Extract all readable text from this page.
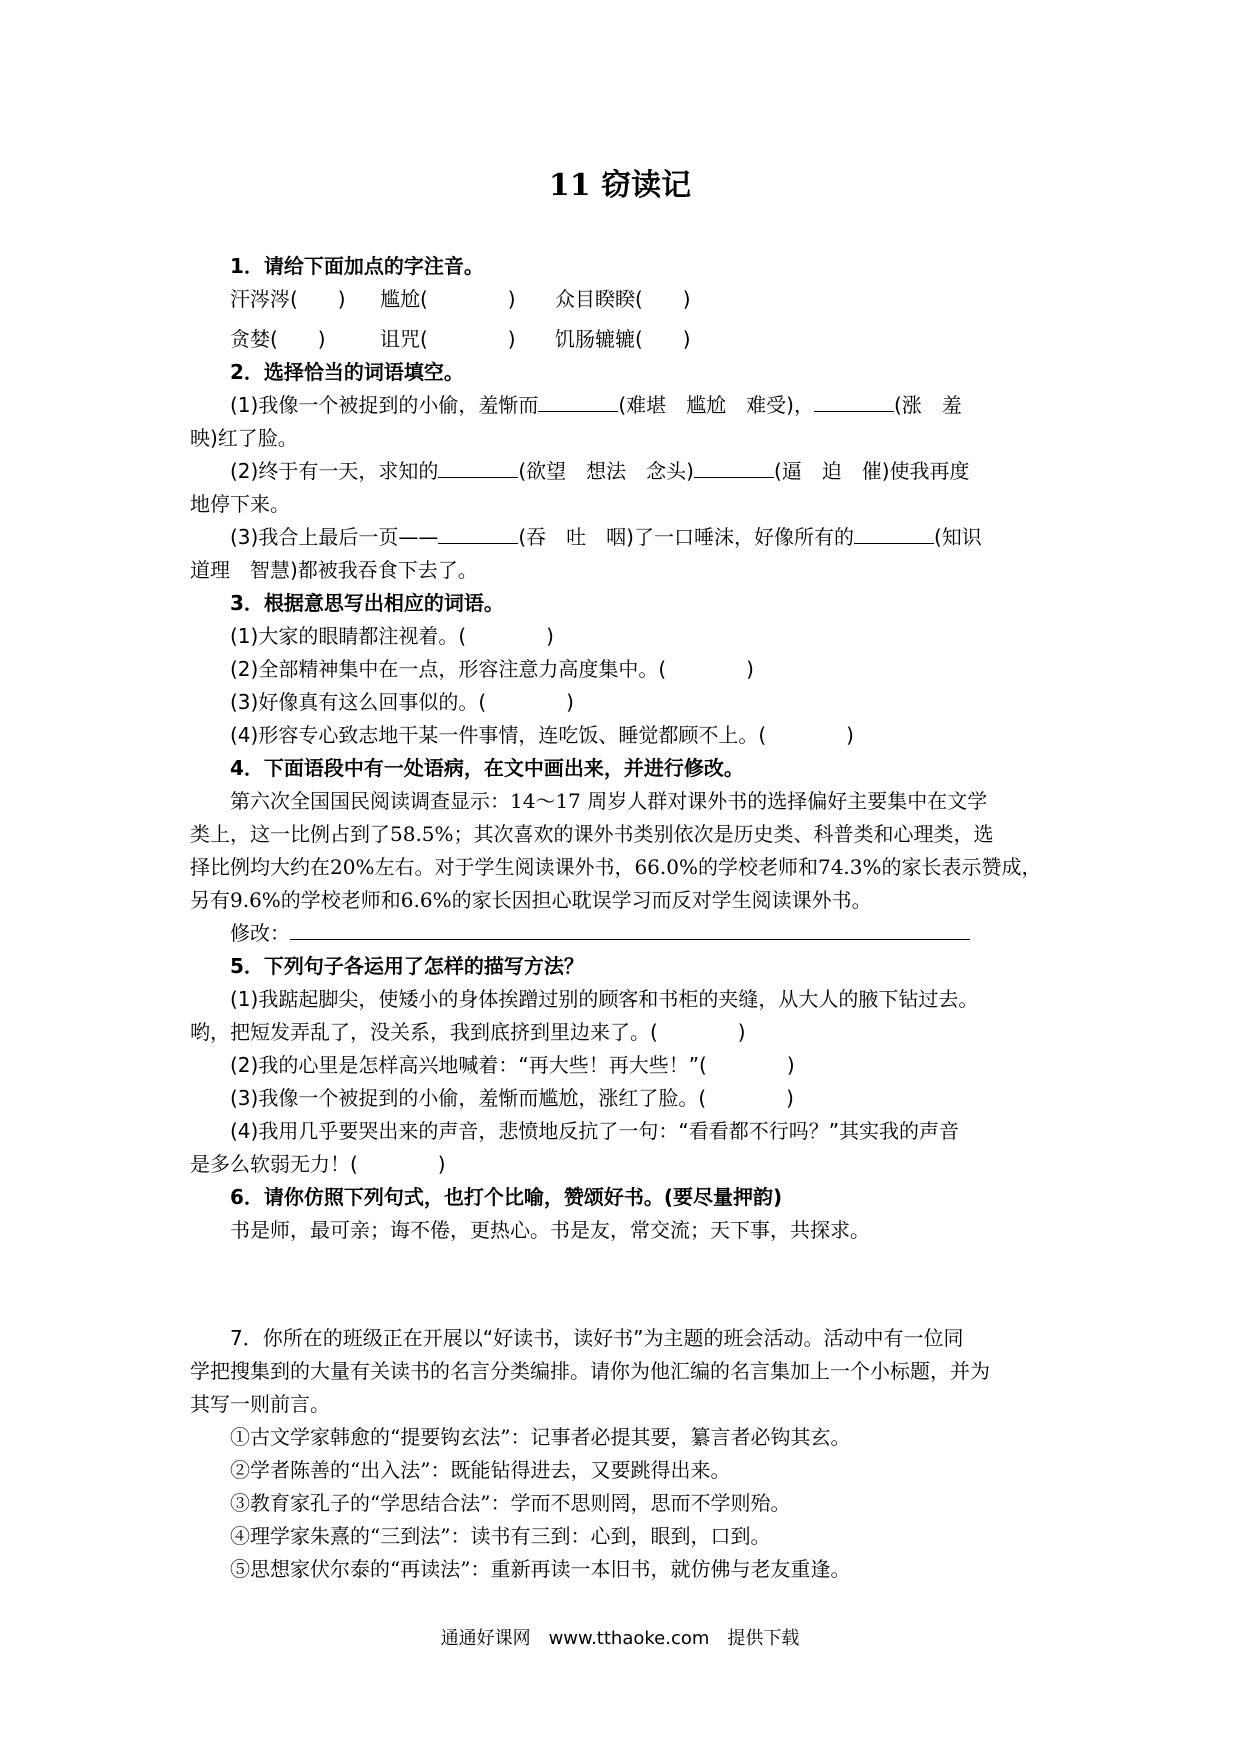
11 窃读记
1．请给下面加点的字注音。
汗涔涔(　　) 尴尬(　　　　) 众目睽睽(　　)
贪婪(　　)	诅咒(　　　　) 饥肠辘辘(　　)
2．选择恰当的词语填空。
(1)我像一个被捉到的小偷，羞惭而	(难堪　尴尬　难受)，	(涨　羞
映)红了脸。
(2)终于有一天，求知的	(欲望　想法　念头)	(逼　迫　催)使我再度
地停下来。
(3)我合上最后一页——	(吞　吐　咽)了一口唾沫，好像所有的	(知识
道理　智慧)都被我吞食下去了。
3．根据意思写出相应的词语。
(1)大家的眼睛都注视着。(　　　　)
(2)全部精神集中在一点，形容注意力高度集中。(　　　　)
(3)好像真有这么回事似的。(　　　　)
(4)形容专心致志地干某一件事情，连吃饭、睡觉都顾不上。(　　　　)
4．下面语段中有一处语病，在文中画出来，并进行修改。
第六次全国国民阅读调查显示：14～17 周岁人群对课外书的选择偏好主要集中在文学
类上，这一比例占到了58.5%；其次喜欢的课外书类别依次是历史类、科普类和心理类，选
择比例均大约在20%左右。对于学生阅读课外书，66.0%的学校老师和74.3%的家长表示赞成，
另有9.6%的学校老师和6.6%的家长因担心耽误学习而反对学生阅读课外书。
修改：
5．下列句子各运用了怎样的描写方法？
(1)我踮起脚尖，使矮小的身体挨蹭过别的顾客和书柜的夹缝，从大人的腋下钻过去。
哟，把短发弄乱了，没关系，我到底挤到里边来了。(　　　　)
(2)我的心里是怎样高兴地喊着：“再大些！再大些！”(　　　　)
(3)我像一个被捉到的小偷，羞惭而尴尬，涨红了脸。(　　　　)
(4)我用几乎要哭出来的声音，悲愤地反抗了一句：“看看都不行吗？”其实我的声音
是多么软弱无力！(　　　　)
6．请你仿照下列句式，也打个比喻，赞颂好书。(要尽量押韵)
书是师，最可亲；诲不倦，更热心。书是友，常交流；天下事，共探求。
7．你所在的班级正在开展以“好读书，读好书”为主题的班会活动。活动中有一位同
学把搜集到的大量有关读书的名言分类编排。请你为他汇编的名言集加上一个小标题，并为
其写一则前言。
①古文学家韩愈的“提要钩玄法”：记事者必提其要，纂言者必钩其玄。
②学者陈善的“出入法”：既能钻得进去，又要跳得出来。
③教育家孔子的“学思结合法”：学而不思则罔，思而不学则殆。
④理学家朱熹的“三到法”：读书有三到：心到，眼到，口到。
⑤思想家伏尔泰的“再读法”：重新再读一本旧书，就仿佛与老友重逢。
通通好课网　www.tthaoke.com　提供下载
